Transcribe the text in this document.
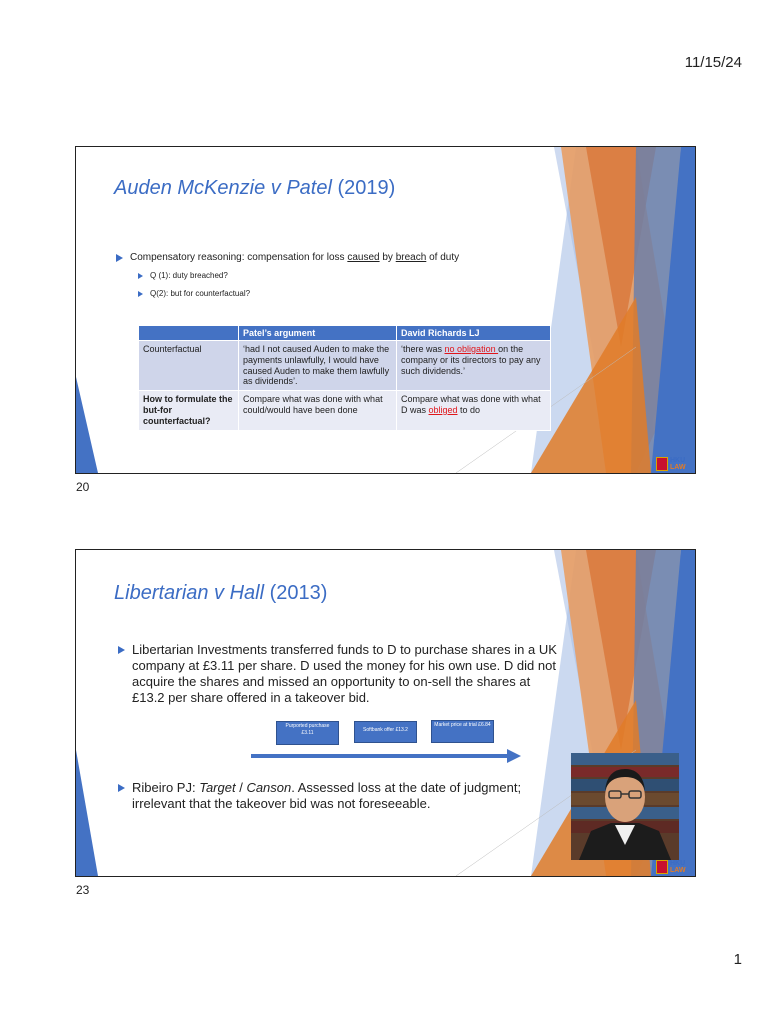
11/15/24
Auden McKenzie v Patel (2019)
Compensatory reasoning: compensation for loss caused by breach of duty
Q (1): duty breached?
Q(2): but for counterfactual?
	Patel’s argument	David Richards LJ
Counterfactual	‘had I not caused Auden to make the payments unlawfully, I would have caused Auden to make them lawfully as dividends’.	‘there was no obligation on the company or its directors to pay any such dividends.’
How to formulate the but-for counterfactual?	Compare what was done with what could/would have been done	Compare what was done with what D was obliged to do
HKU
LAW
20
Libertarian v Hall (2013)
Libertarian Investments transferred funds to D to purchase shares in a UK company at £3.11 per share. D used the money for his own use. D did not acquire the shares and missed an opportunity to on-sell the shares at £13.2 per share offered in a takeover bid.
Purported purchase £3.11	Softbank offer £13.2
Market price at trial £6.84
Ribeiro PJ: Target / Canson. Assessed loss at the date of judgment; irrelevant that the takeover bid was not foreseeable.
HKU
LAW
23
1
